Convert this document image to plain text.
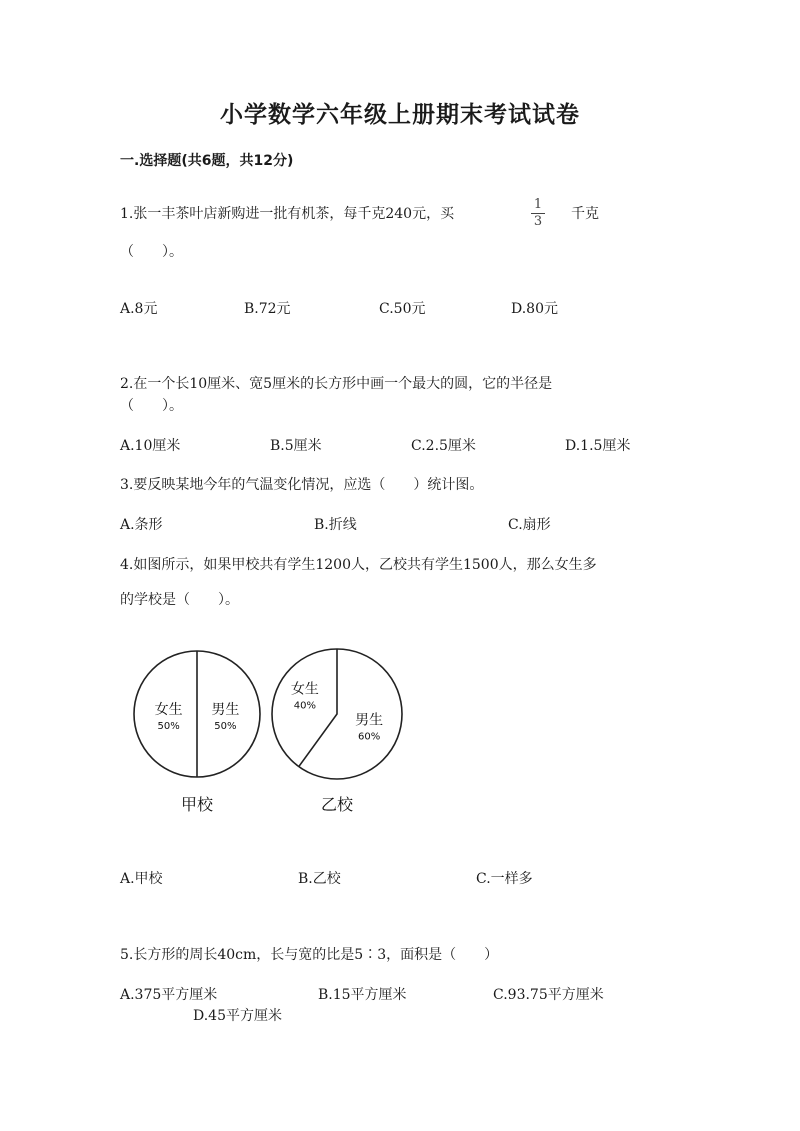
小学数学六年级上册期末考试试卷
一.选择题(共6题，共12分)
1.张一丰茶叶店新购进一批有机茶，每千克240元，买
1
3 千克
（　　）。
A.8元	B.72元	C.50元	D.80元
2.在一个长10厘米、宽5厘米的长方形中画一个最大的圆，它的半径是
（　　）。
A.10厘米	B.5厘米	C.2.5厘米	D.1.5厘米
3.要反映某地今年的气温变化情况，应选（　　）统计图。
A.条形	B.折线	C.扇形
4.如图所示，如果甲校共有学生1200人，乙校共有学生1500人，那么女生多
的学校是（　　）。
女生
50%
男生
50%
甲校
女生
40%
男生
60%
乙校
A.甲校	B.乙校	C.一样多
5.长方形的周长40cm，长与宽的比是5∶3，面积是（　　）
A.375平方厘米	B.15平方厘米	C.93.75平方厘米
D.45平方厘米
